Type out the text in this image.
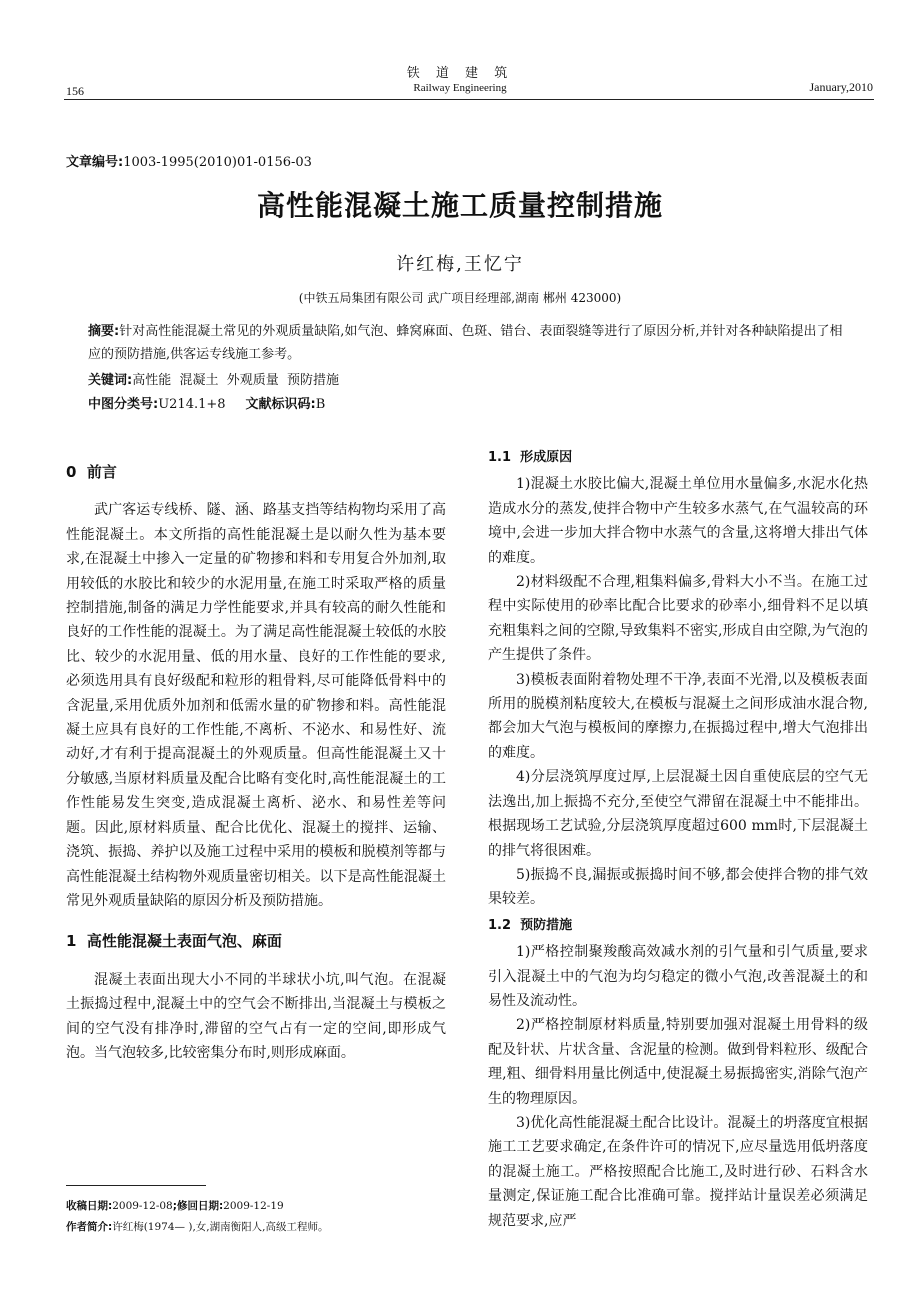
铁 道 建 筑
Railway Engineering
156	January,2010
文章编号:1003-1995(2010)01-0156-03
高性能混凝土施工质量控制措施
许红梅,王忆宁
(中铁五局集团有限公司 武广项目经理部,湖南 郴州 423000)
摘要:针对高性能混凝土常见的外观质量缺陷,如气泡、蜂窝麻面、色斑、错台、表面裂缝等进行了原因分析,并针对各种缺陷提出了相应的预防措施,供客运专线施工参考。
关键词:高性能  混凝土  外观质量  预防措施
中图分类号:U214.1+8 文献标识码:B
0  前言

武广客运专线桥、隧、涵、路基支挡等结构物均采用了高性能混凝土。本文所指的高性能混凝土是以耐久性为基本要求,在混凝土中掺入一定量的矿物掺和料和专用复合外加剂,取用较低的水胶比和较少的水泥用量,在施工时采取严格的质量控制措施,制备的满足力学性能要求,并具有较高的耐久性能和良好的工作性能的混凝土。为了满足高性能混凝土较低的水胶比、较少的水泥用量、低的用水量、良好的工作性能的要求,必须选用具有良好级配和粒形的粗骨料,尽可能降低骨料中的含泥量,采用优质外加剂和低需水量的矿物掺和料。高性能混凝土应具有良好的工作性能,不离析、不泌水、和易性好、流动好,才有利于提高混凝土的外观质量。但高性能混凝土又十分敏感,当原材料质量及配合比略有变化时,高性能混凝土的工作性能易发生突变,造成混凝土离析、泌水、和易性差等问题。因此,原材料质量、配合比优化、混凝土的搅拌、运输、浇筑、振捣、养护以及施工过程中采用的模板和脱模剂等都与高性能混凝土结构物外观质量密切相关。以下是高性能混凝土常见外观质量缺陷的原因分析及预防措施。

1  高性能混凝土表面气泡、麻面

混凝土表面出现大小不同的半球状小坑,叫气泡。在混凝土振捣过程中,混凝土中的空气会不断排出,当混凝土与模板之间的空气没有排净时,滞留的空气占有一定的空间,即形成气泡。当气泡较多,比较密集分布时,则形成麻面。

1.1  形成原因

1)混凝土水胶比偏大,混凝土单位用水量偏多,水泥水化热造成水分的蒸发,使拌合物中产生较多水蒸气,在气温较高的环境中,会进一步加大拌合物中水蒸气的含量,这将增大排出气体的难度。

2)材料级配不合理,粗集料偏多,骨料大小不当。在施工过程中实际使用的砂率比配合比要求的砂率小,细骨料不足以填充粗集料之间的空隙,导致集料不密实,形成自由空隙,为气泡的产生提供了条件。

3)模板表面附着物处理不干净,表面不光滑,以及模板表面所用的脱模剂粘度较大,在模板与混凝土之间形成油水混合物,都会加大气泡与模板间的摩擦力,在振捣过程中,增大气泡排出的难度。

4)分层浇筑厚度过厚,上层混凝土因自重使底层的空气无法逸出,加上振捣不充分,至使空气滞留在混凝土中不能排出。根据现场工艺试验,分层浇筑厚度超过600 mm时,下层混凝土的排气将很困难。

5)振捣不良,漏振或振捣时间不够,都会使拌合物的排气效果较差。

1.2  预防措施

1)严格控制聚羧酸高效减水剂的引气量和引气质量,要求引入混凝土中的气泡为均匀稳定的微小气泡,改善混凝土的和易性及流动性。

2)严格控制原材料质量,特别要加强对混凝土用骨料的级配及针状、片状含量、含泥量的检测。做到骨料粒形、级配合理,粗、细骨料用量比例适中,使混凝土易振捣密实,消除气泡产生的物理原因。

3)优化高性能混凝土配合比设计。混凝土的坍落度宜根据施工工艺要求确定,在条件许可的情况下,应尽量选用低坍落度的混凝土施工。严格按照配合比施工,及时进行砂、石料含水量测定,保证施工配合比准确可靠。搅拌站计量误差必须满足规范要求,应严

收稿日期:2009-12-08;修回日期:2009-12-19
作者简介:许红梅(1974— ),女,湖南衡阳人,高级工程师。
